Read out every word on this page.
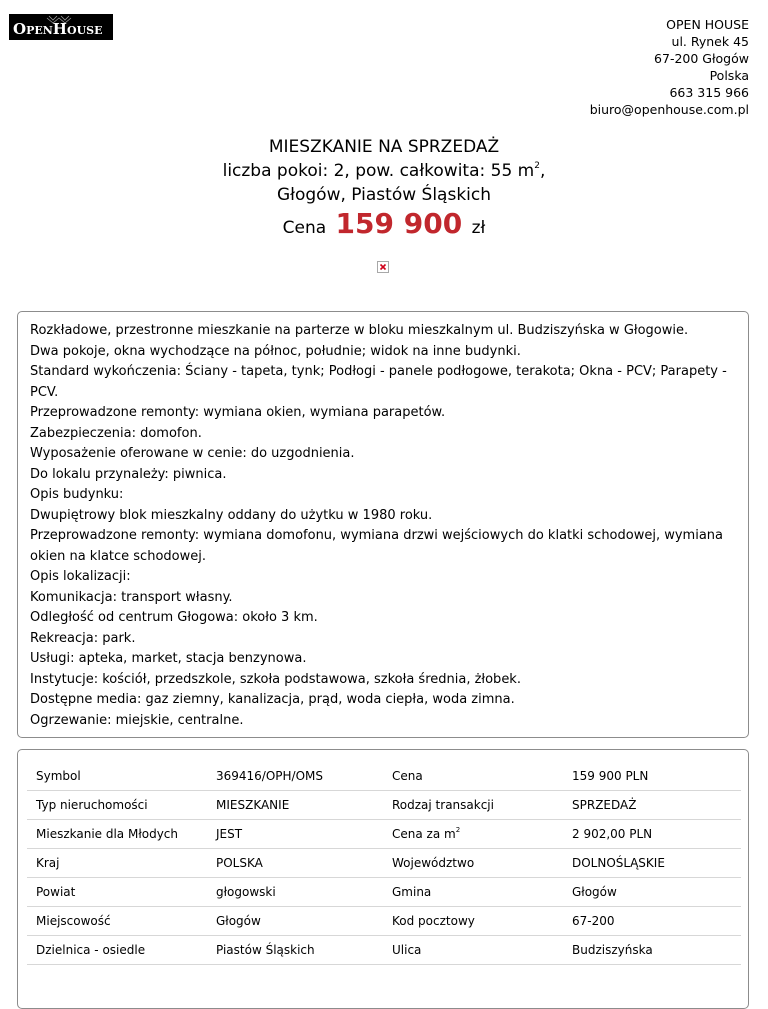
OPENHOUSE	OPEN HOUSE
ul. Rynek 45
67-200 Głogów
Polska
663 315 966
biuro@openhouse.com.pl
MIESZKANIE NA SPRZEDAŻ
liczba pokoi: 2, pow. całkowita: 55 $m^2$,
Głogów, Piastów Śląskich
Cena 159 900 zł

Rozkładowe, przestronne mieszkanie na parterze w bloku mieszkalnym ul. Budziszyńska w Głogowie.

Dwa pokoje, okna wychodzące na północ, południe; widok na inne budynki.

Standard wykończenia: Ściany - tapeta, tynk; Podłogi - panele podłogowe, terakota; Okna - PCV; Parapety - PCV.

Przeprowadzone remonty: wymiana okien, wymiana parapetów.

Zabezpieczenia: domofon.

Wyposażenie oferowane w cenie: do uzgodnienia.

Do lokalu przynależy: piwnica.

Opis budynku:

Dwupiętrowy blok mieszkalny oddany do użytku w 1980 roku.

Przeprowadzone remonty: wymiana domofonu, wymiana drzwi wejściowych do klatki schodowej, wymiana okien na klatce schodowej.

Opis lokalizacji:

Komunikacja: transport własny.

Odległość od centrum Głogowa: około 3 km.

Rekreacja: park.

Usługi: apteka, market, stacja benzynowa.

Instytucje: kościół, przedszkole, szkoła podstawowa, szkoła średnia, żłobek.

Dostępne media: gaz ziemny, kanalizacja, prąd, woda ciepła, woda zimna.

Ogrzewanie: miejskie, centralne.

Symbol	369416/OPH/OMS	Cena	159 900 PLN
Typ nieruchomości	MIESZKANIE	Rodzaj transakcji	SPRZEDAŻ
Mieszkanie dla Młodych	JEST	Cena za $m^2$	2 902,00 PLN
Kraj	POLSKA	Województwo	DOLNOŚLĄSKIE
Powiat	głogowski	Gmina	Głogów
Miejscowość	Głogów	Kod pocztowy	67-200
Dzielnica - osiedle	Piastów Śląskich	Ulica	Budziszyńska
